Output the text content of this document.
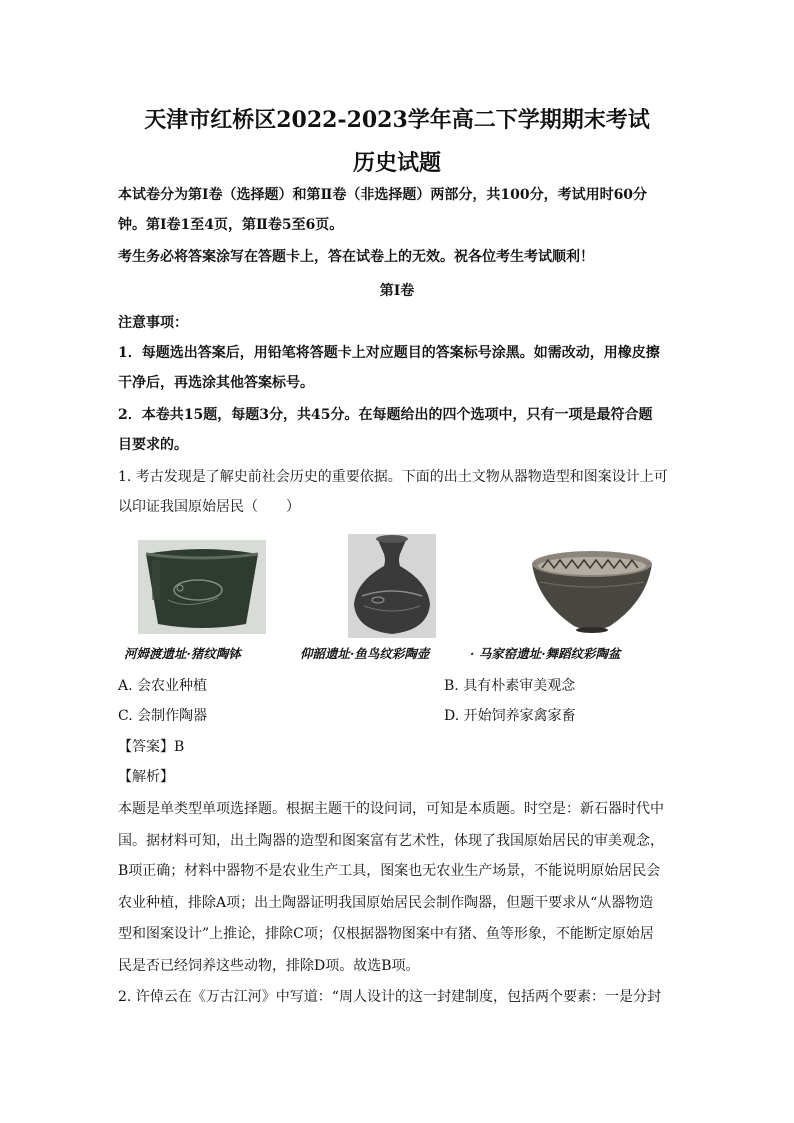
天津市红桥区2022-2023学年高二下学期期末考试
历史试题
本试卷分为第Ⅰ卷（选择题）和第Ⅱ卷（非选择题）两部分，共100分，考试用时60分
钟。第Ⅰ卷1至4页，第Ⅱ卷5至6页。
考生务必将答案涂写在答题卡上，答在试卷上的无效。祝各位考生考试顺利！
第Ⅰ卷
注意事项：
1．每题选出答案后，用铅笔将答题卡上对应题目的答案标号涂黑。如需改动，用橡皮擦
干净后，再选涂其他答案标号。
2．本卷共15题，每题3分，共45分。在每题给出的四个选项中，只有一项是最符合题
目要求的。
1. 考古发现是了解史前社会历史的重要依据。下面的出土文物从器物造型和图案设计上可
以印证我国原始居民（　　）
河姆渡遗址·猪纹陶钵	仰韶遗址·鱼鸟纹彩陶壶	· 马家窑遗址·舞蹈纹彩陶盆
A. 会农业种植	B. 具有朴素审美观念
C. 会制作陶器	D. 开始饲养家禽家畜
【答案】B
【解析】
本题是单类型单项选择题。根据主题干的设问词，可知是本质题。时空是：新石器时代中
国。据材料可知，出土陶器的造型和图案富有艺术性，体现了我国原始居民的审美观念，
B项正确；材料中器物不是农业生产工具，图案也无农业生产场景，不能说明原始居民会
农业种植，排除A项；出土陶器证明我国原始居民会制作陶器，但题干要求从“从器物造
型和图案设计”上推论，排除C项；仅根据器物图案中有猪、鱼等形象，不能断定原始居
民是否已经饲养这些动物，排除D项。故选B项。
2. 许倬云在《万古江河》中写道：“周人设计的这一封建制度，包括两个要素：一是分封
